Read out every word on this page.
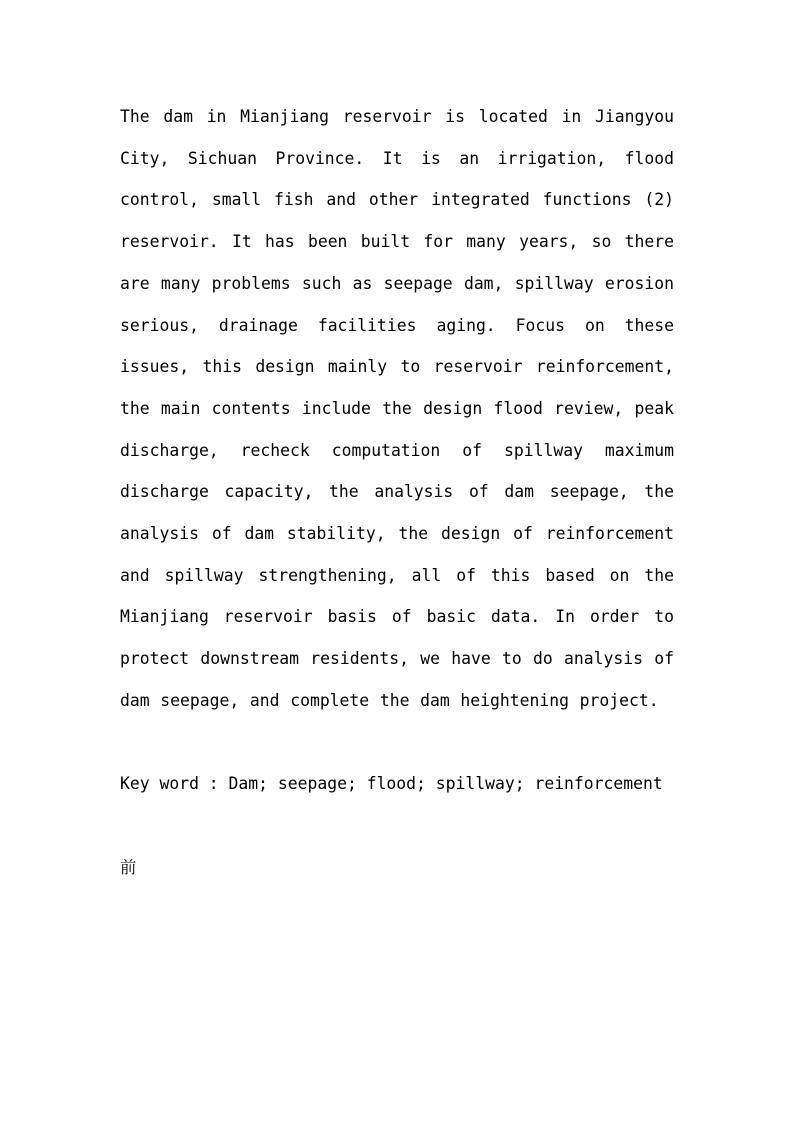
The dam in Mianjiang reservoir is located in Jiangyou City, Sichuan Province. It is an irrigation, flood control, small fish and other integrated functions (2) reservoir. It has been built for many years, so there are many problems such as seepage dam, spillway erosion serious, drainage facilities aging. Focus on these issues, this design mainly to reservoir reinforcement, the main contents include the design flood review, peak discharge, recheck computation of spillway maximum discharge capacity, the analysis of dam seepage, the analysis of dam stability, the design of reinforcement and spillway strengthening, all of this based on the Mianjiang reservoir basis of basic data. In order to protect downstream residents, we have to do analysis of dam seepage, and complete the dam heightening project.

Key word : Dam; seepage; flood; spillway; reinforcement

前
